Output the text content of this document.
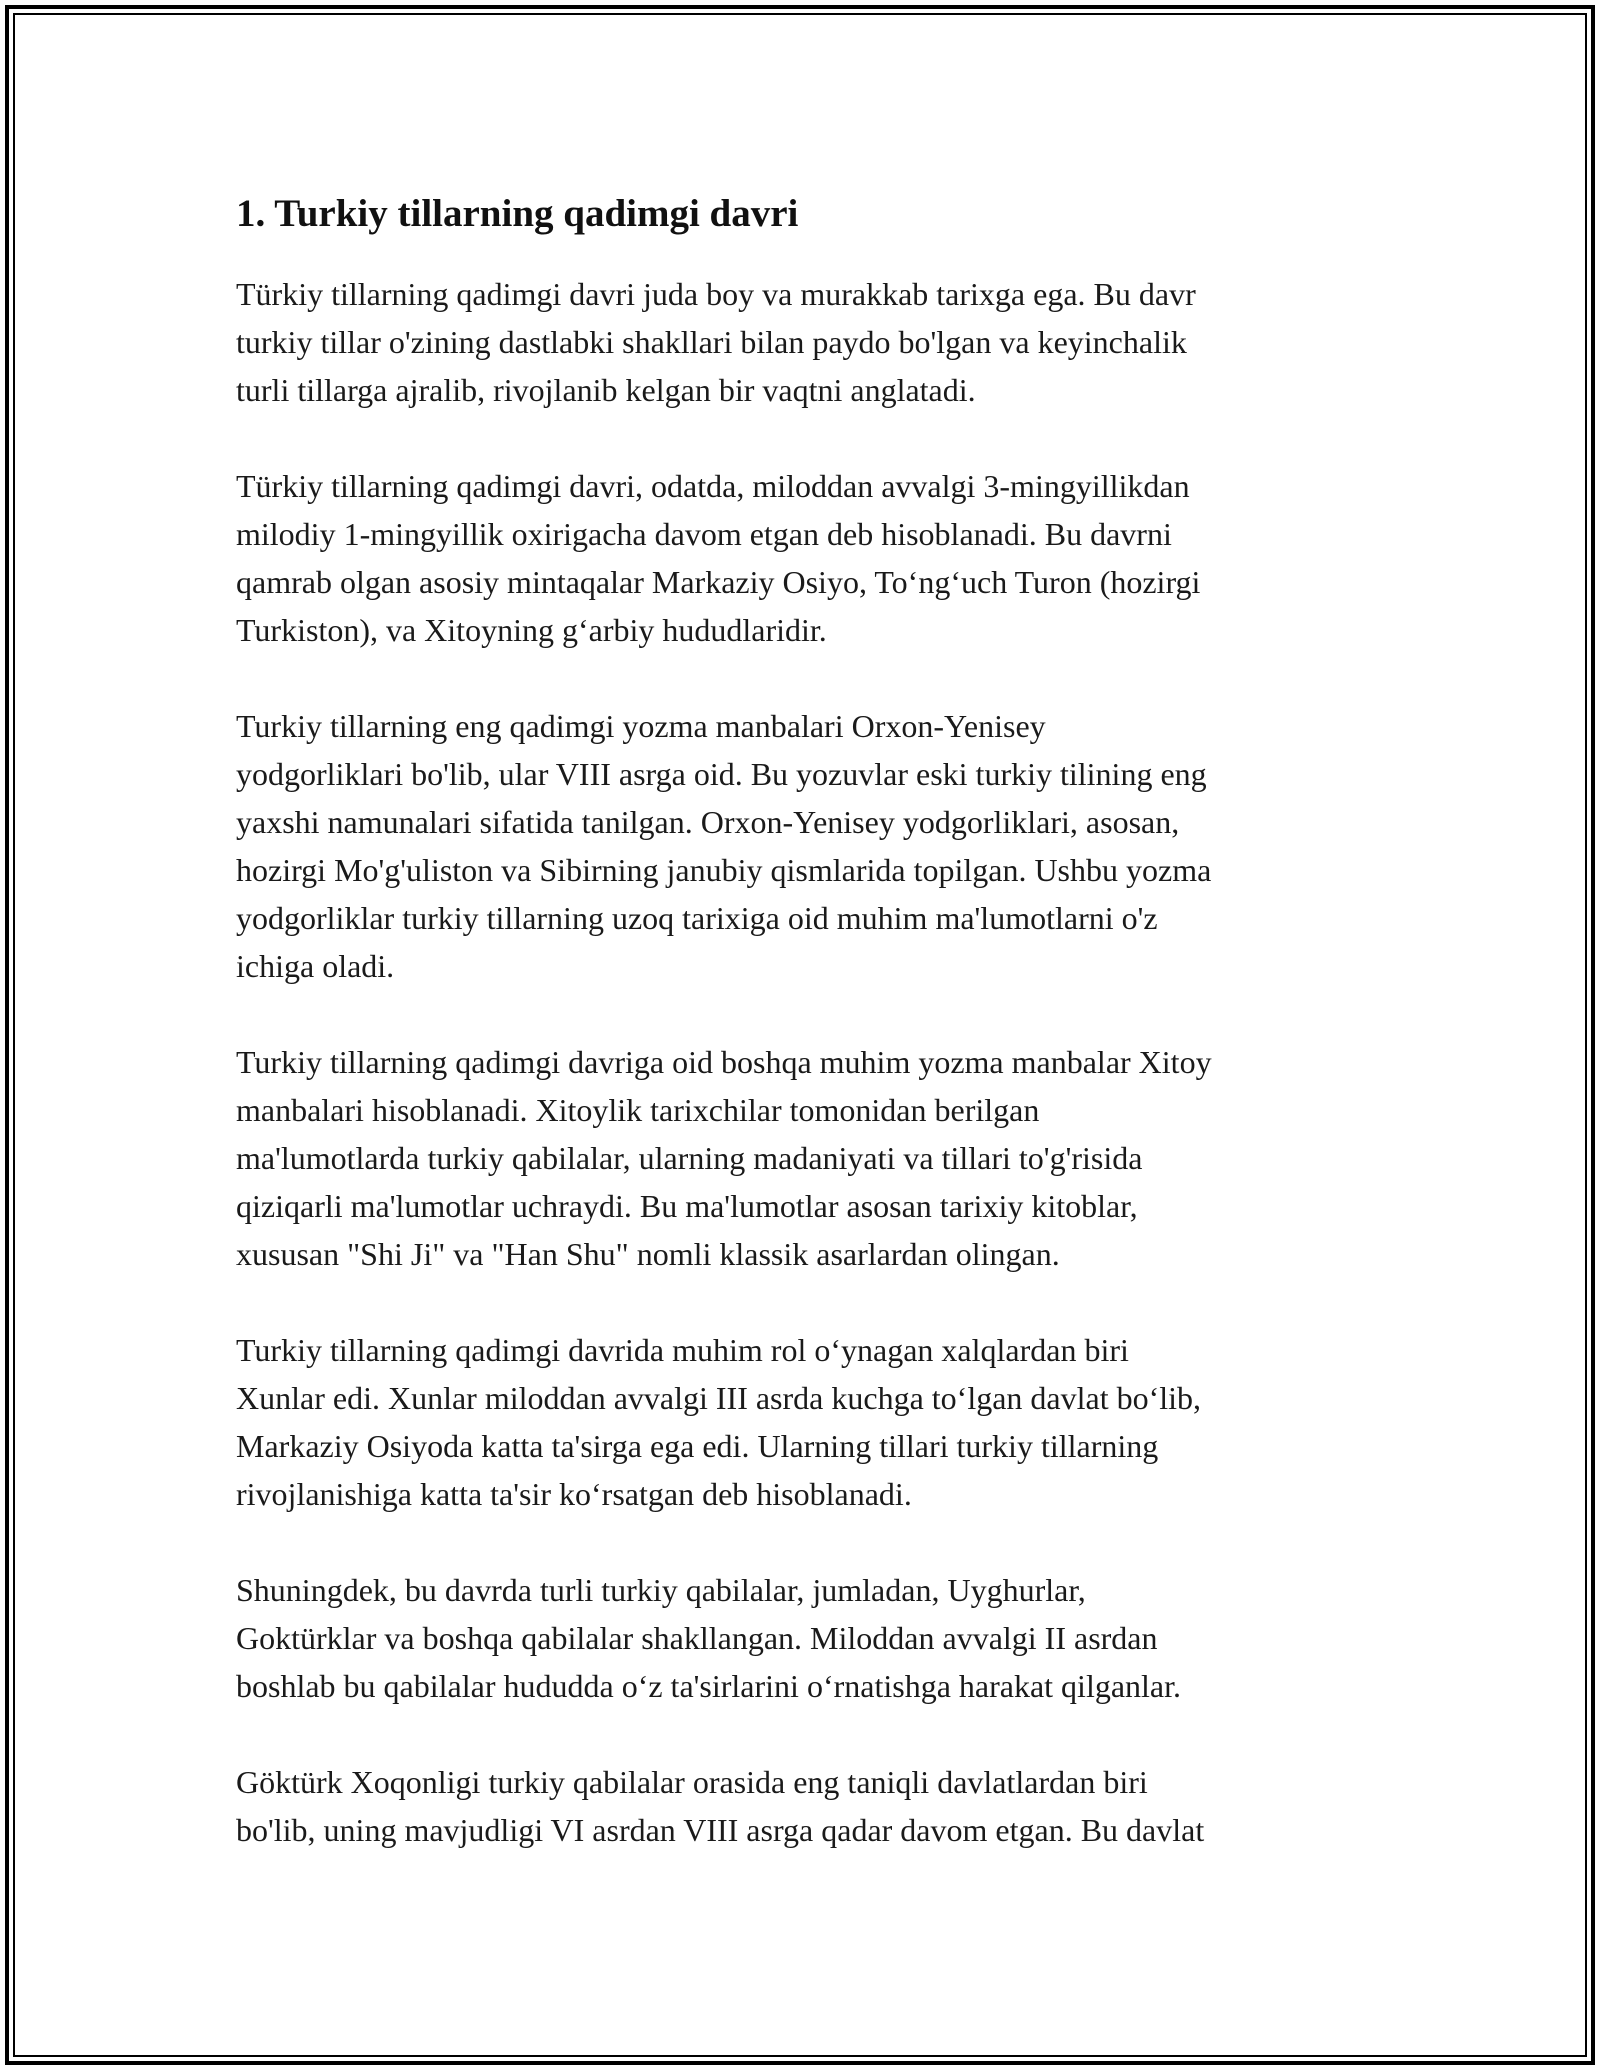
1. Turkiy tillarning qadimgi davri

Türkiy tillarning qadimgi davri juda boy va murakkab tarixga ega. Bu davr
turkiy tillar o'zining dastlabki shakllari bilan paydo bo'lgan va keyinchalik
turli tillarga ajralib, rivojlanib kelgan bir vaqtni anglatadi.

Türkiy tillarning qadimgi davri, odatda, miloddan avvalgi 3-mingyillikdan
milodiy 1-mingyillik oxirigacha davom etgan deb hisoblanadi. Bu davrni
qamrab olgan asosiy mintaqalar Markaziy Osiyo, To‘ng‘uch Turon (hozirgi
Turkiston), va Xitoyning g‘arbiy hududlaridir.

Turkiy tillarning eng qadimgi yozma manbalari Orxon-Yenisey
yodgorliklari bo'lib, ular VIII asrga oid. Bu yozuvlar eski turkiy tilining eng
yaxshi namunalari sifatida tanilgan. Orxon-Yenisey yodgorliklari, asosan,
hozirgi Mo'g'uliston va Sibirning janubiy qismlarida topilgan. Ushbu yozma
yodgorliklar turkiy tillarning uzoq tarixiga oid muhim ma'lumotlarni o'z
ichiga oladi.

Turkiy tillarning qadimgi davriga oid boshqa muhim yozma manbalar Xitoy
manbalari hisoblanadi. Xitoylik tarixchilar tomonidan berilgan
ma'lumotlarda turkiy qabilalar, ularning madaniyati va tillari to'g'risida
qiziqarli ma'lumotlar uchraydi. Bu ma'lumotlar asosan tarixiy kitoblar,
xususan "Shi Ji" va "Han Shu" nomli klassik asarlardan olingan.

Turkiy tillarning qadimgi davrida muhim rol o‘ynagan xalqlardan biri
Xunlar edi. Xunlar miloddan avvalgi III asrda kuchga to‘lgan davlat bo‘lib,
Markaziy Osiyoda katta ta'sirga ega edi. Ularning tillari turkiy tillarning
rivojlanishiga katta ta'sir ko‘rsatgan deb hisoblanadi.

Shuningdek, bu davrda turli turkiy qabilalar, jumladan, Uyghurlar,
Goktürklar va boshqa qabilalar shakllangan. Miloddan avvalgi II asrdan
boshlab bu qabilalar hududda o‘z ta'sirlarini o‘rnatishga harakat qilganlar.

Göktürk Xoqonligi turkiy qabilalar orasida eng taniqli davlatlardan biri
bo'lib, uning mavjudligi VI asrdan VIII asrga qadar davom etgan. Bu davlat
